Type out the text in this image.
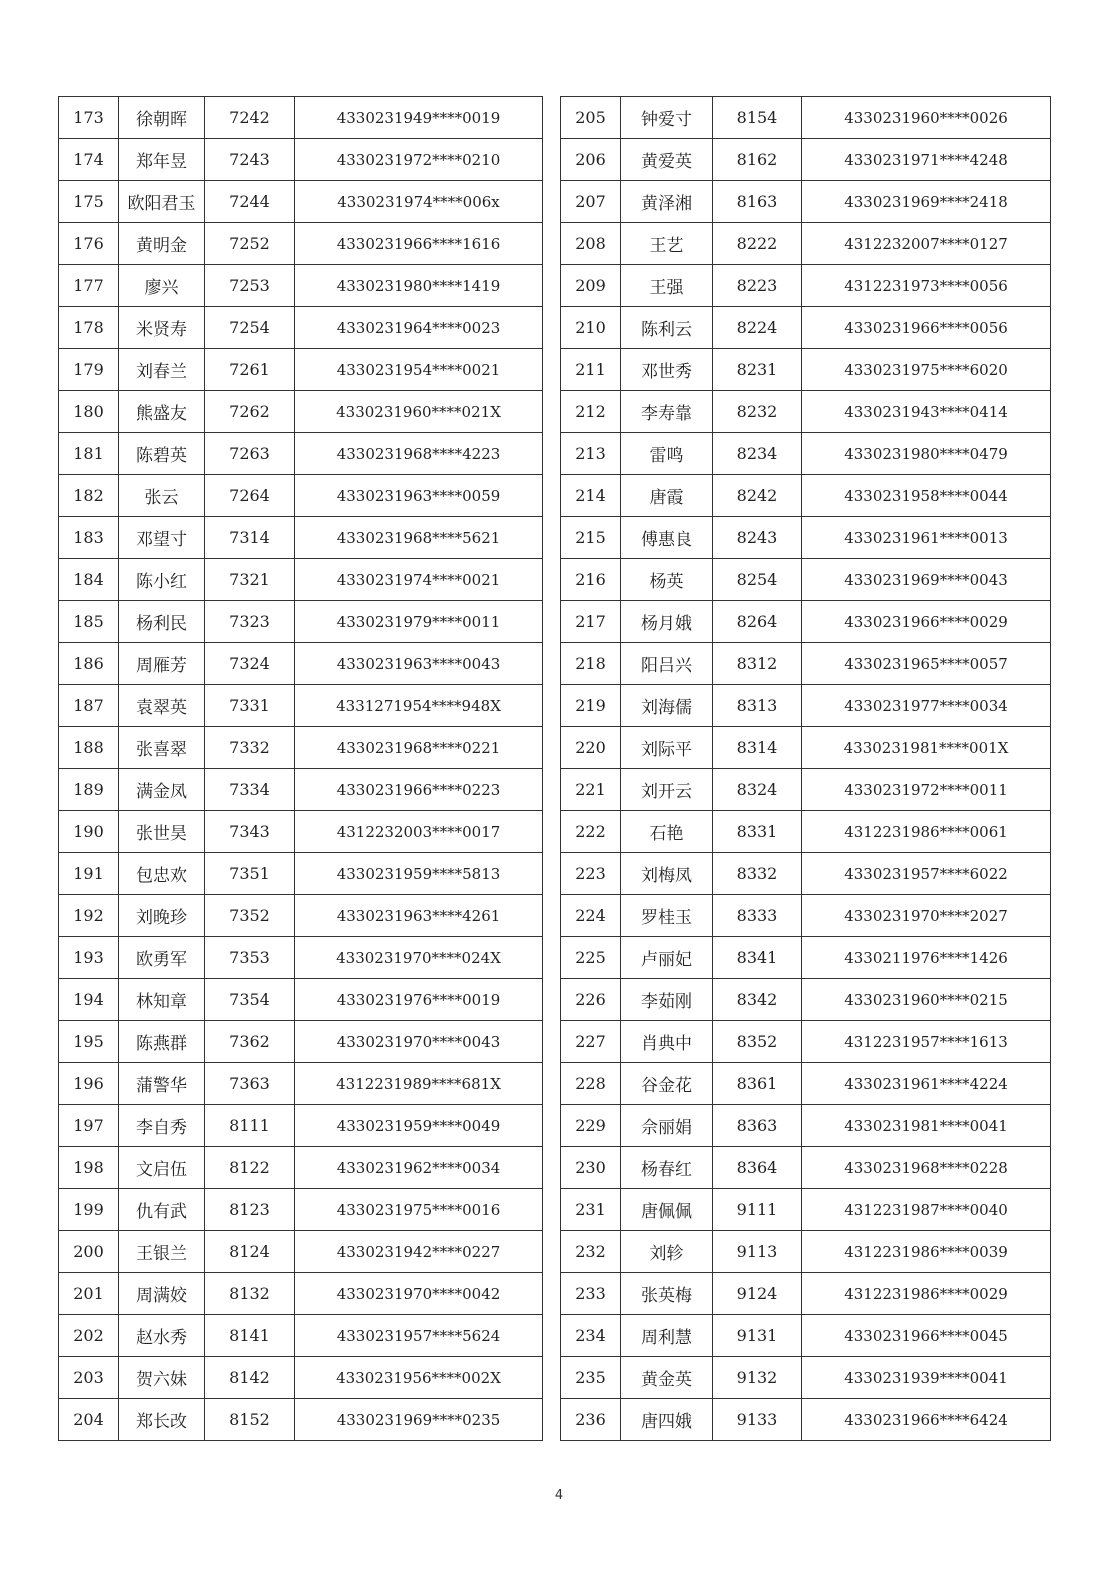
173	徐朝晖	7242	4330231949****0019
174	郑年昱	7243	4330231972****0210
175	欧阳君玉	7244	4330231974****006x
176	黄明金	7252	4330231966****1616
177	廖兴	7253	4330231980****1419
178	米贤寿	7254	4330231964****0023
179	刘春兰	7261	4330231954****0021
180	熊盛友	7262	4330231960****021X
181	陈碧英	7263	4330231968****4223
182	张云	7264	4330231963****0059
183	邓望寸	7314	4330231968****5621
184	陈小红	7321	4330231974****0021
185	杨利民	7323	4330231979****0011
186	周雁芳	7324	4330231963****0043
187	袁翠英	7331	4331271954****948X
188	张喜翠	7332	4330231968****0221
189	满金凤	7334	4330231966****0223
190	张世昊	7343	4312232003****0017
191	包忠欢	7351	4330231959****5813
192	刘晚珍	7352	4330231963****4261
193	欧勇军	7353	4330231970****024X
194	林知章	7354	4330231976****0019
195	陈燕群	7362	4330231970****0043
196	蒲警华	7363	4312231989****681X
197	李自秀	8111	4330231959****0049
198	文启伍	8122	4330231962****0034
199	仇有武	8123	4330231975****0016
200	王银兰	8124	4330231942****0227
201	周满姣	8132	4330231970****0042
202	赵水秀	8141	4330231957****5624
203	贺六妹	8142	4330231956****002X
204	郑长改	8152	4330231969****0235
205	钟爱寸	8154	4330231960****0026
206	黄爱英	8162	4330231971****4248
207	黄泽湘	8163	4330231969****2418
208	王艺	8222	4312232007****0127
209	王强	8223	4312231973****0056
210	陈利云	8224	4330231966****0056
211	邓世秀	8231	4330231975****6020
212	李寿靠	8232	4330231943****0414
213	雷鸣	8234	4330231980****0479
214	唐霞	8242	4330231958****0044
215	傅惠良	8243	4330231961****0013
216	杨英	8254	4330231969****0043
217	杨月娥	8264	4330231966****0029
218	阳吕兴	8312	4330231965****0057
219	刘海儒	8313	4330231977****0034
220	刘际平	8314	4330231981****001X
221	刘开云	8324	4330231972****0011
222	石艳	8331	4312231986****0061
223	刘梅凤	8332	4330231957****6022
224	罗桂玉	8333	4330231970****2027
225	卢丽妃	8341	4330211976****1426
226	李茹刚	8342	4330231960****0215
227	肖典中	8352	4312231957****1613
228	谷金花	8361	4330231961****4224
229	佘丽娟	8363	4330231981****0041
230	杨春红	8364	4330231968****0228
231	唐佩佩	9111	4312231987****0040
232	刘轸	9113	4312231986****0039
233	张英梅	9124	4312231986****0029
234	周利慧	9131	4330231966****0045
235	黄金英	9132	4330231939****0041
236	唐四娥	9133	4330231966****6424
4
